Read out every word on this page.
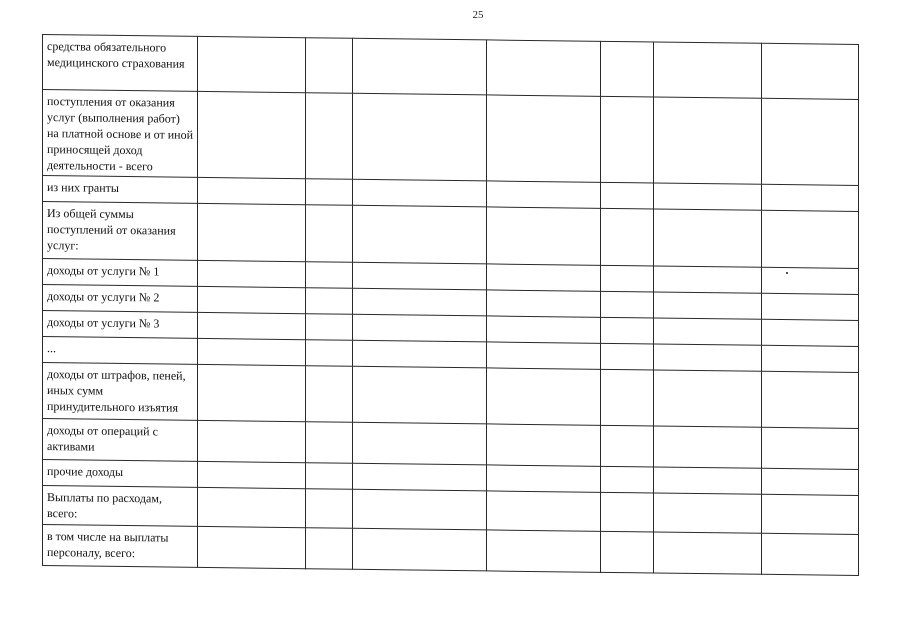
25
средства обязательного медицинского страхования							
поступления от оказания услуг (выполнения работ) на платной основе и от иной приносящей доход деятельности - всего							
из них гранты							
Из общей суммы поступлений от оказания услуг:							
доходы от услуги № 1							
доходы от услуги № 2							
доходы от услуги № 3							
...							
доходы от штрафов, пеней, иных сумм принудительного изъятия							
доходы от операций с активами							
прочие доходы							
Выплаты по расходам, всего:							
в том числе на выплаты персоналу, всего:							
